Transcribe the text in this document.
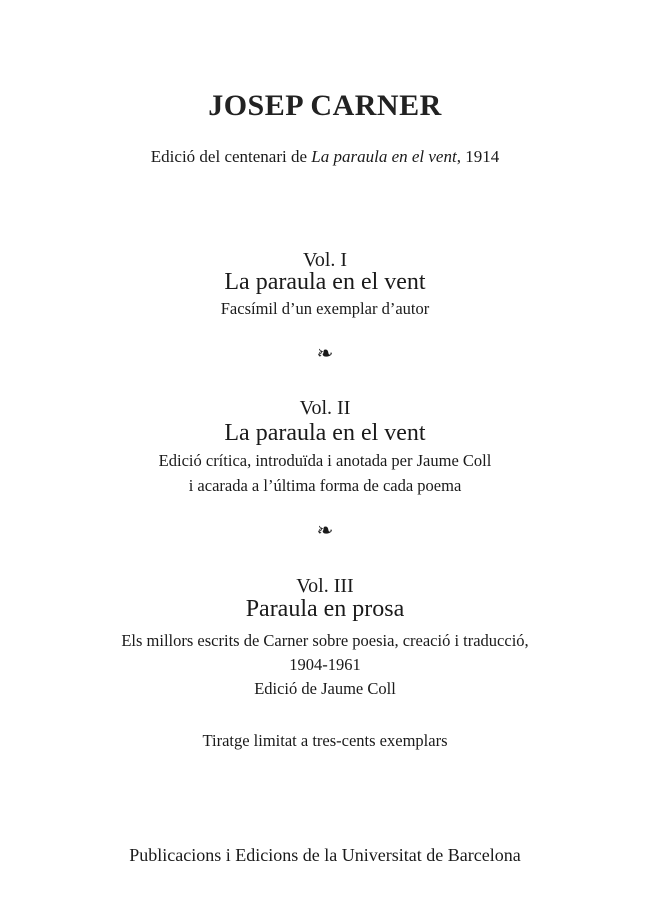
JOSEP CARNER
Edició del centenari de La paraula en el vent, 1914
Vol. I
La paraula en el vent
Facsímil d’un exemplar d’autor
❧
Vol. II
La paraula en el vent
Edició crítica, introduïda i anotada per Jaume Coll
i acarada a l’última forma de cada poema
❧
Vol. III
Paraula en prosa
Els millors escrits de Carner sobre poesia, creació i traducció,
1904-1961
Edició de Jaume Coll
Tiratge limitat a tres-cents exemplars
Publicacions i Edicions de la Universitat de Barcelona
